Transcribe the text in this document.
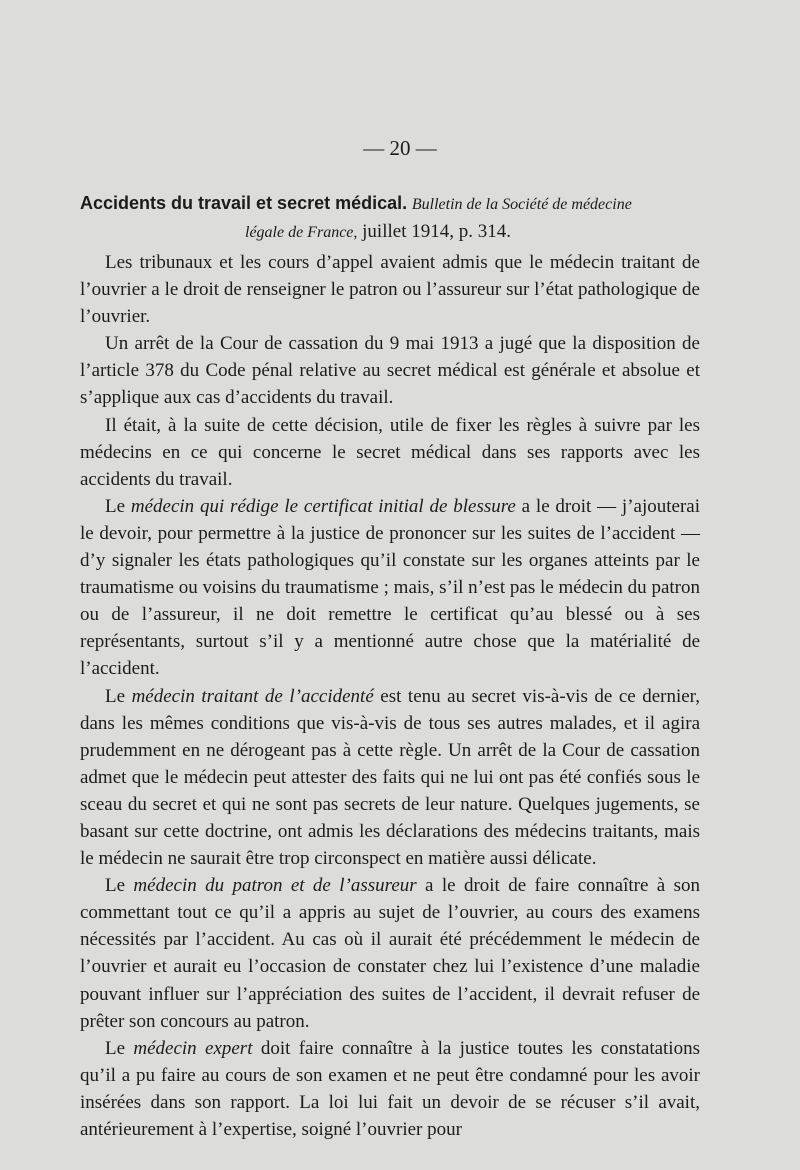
— 20 —
Accidents du travail et secret médical. Bulletin de la Société de médecine
légale de France, juillet 1914, p. 314.

Les tribunaux et les cours d’appel avaient admis que le médecin traitant de l’ouvrier a le droit de renseigner le patron ou l’assureur sur l’état pathologique de l’ouvrier.

Un arrêt de la Cour de cassation du 9 mai 1913 a jugé que la disposition de l’article 378 du Code pénal relative au secret médical est générale et absolue et s’applique aux cas d’accidents du travail.

Il était, à la suite de cette décision, utile de fixer les règles à suivre par les médecins en ce qui concerne le secret médical dans ses rapports avec les accidents du travail.

Le médecin qui rédige le certificat initial de blessure a le droit — j’ajouterai le devoir, pour permettre à la justice de prononcer sur les suites de l’accident — d’y signaler les états pathologiques qu’il constate sur les organes atteints par le traumatisme ou voisins du traumatisme ; mais, s’il n’est pas le médecin du patron ou de l’assureur, il ne doit remettre le certificat qu’au blessé ou à ses représentants, surtout s’il y a mentionné autre chose que la matérialité de l’accident.

Le médecin traitant de l’accidenté est tenu au secret vis-à-vis de ce dernier, dans les mêmes conditions que vis-à-vis de tous ses autres malades, et il agira prudemment en ne dérogeant pas à cette règle. Un arrêt de la Cour de cassation admet que le médecin peut attester des faits qui ne lui ont pas été confiés sous le sceau du secret et qui ne sont pas secrets de leur nature. Quelques jugements, se basant sur cette doctrine, ont admis les déclarations des médecins traitants, mais le médecin ne saurait être trop circonspect en matière aussi délicate.

Le médecin du patron et de l’assureur a le droit de faire connaître à son commettant tout ce qu’il a appris au sujet de l’ouvrier, au cours des examens nécessités par l’accident. Au cas où il aurait été précédemment le médecin de l’ouvrier et aurait eu l’occasion de constater chez lui l’existence d’une maladie pouvant influer sur l’appréciation des suites de l’accident, il devrait refuser de prêter son concours au patron.

Le médecin expert doit faire connaître à la justice toutes les constatations qu’il a pu faire au cours de son examen et ne peut être condamné pour les avoir insérées dans son rapport. La loi lui fait un devoir de se récuser s’il avait, antérieurement à l’expertise, soigné l’ouvrier pour
